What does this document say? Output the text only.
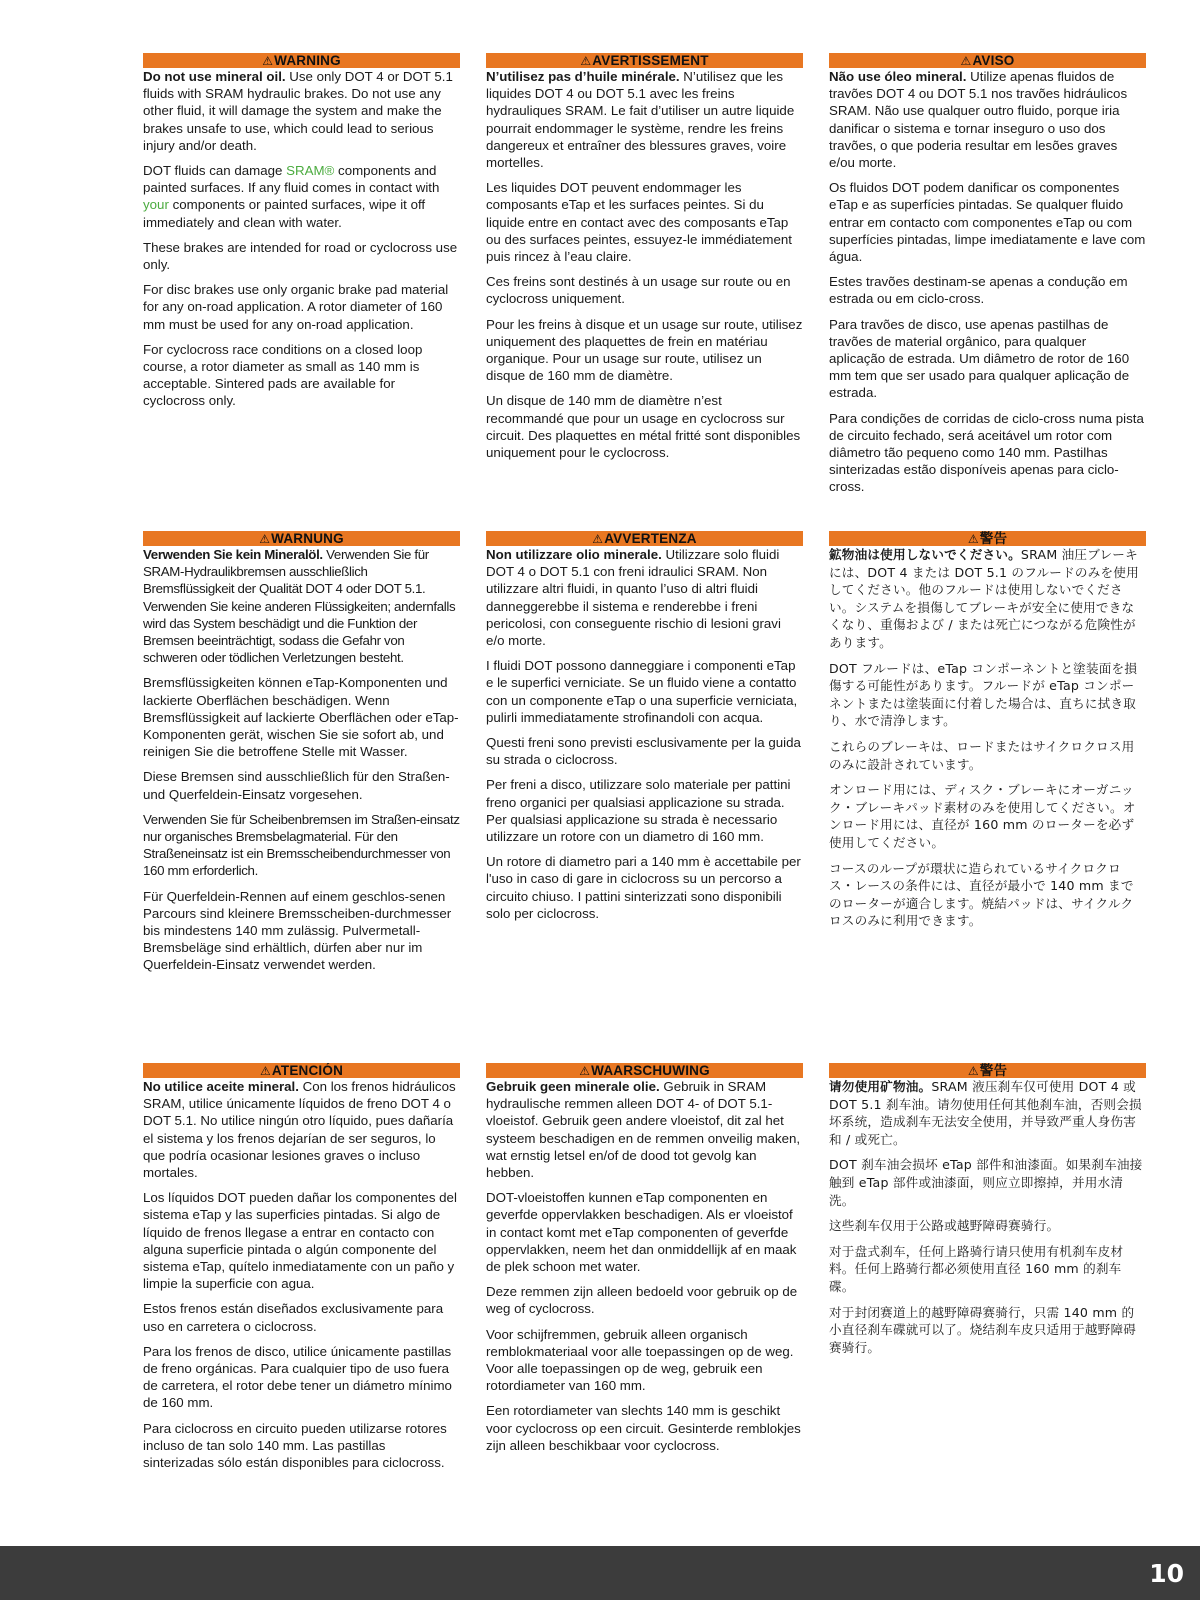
⚠WARNING

Do not use mineral oil. Use only DOT 4 or DOT 5.1 fluids with SRAM hydraulic brakes. Do not use any other fluid, it will damage the system and make the brakes unsafe to use, which could lead to serious injury and/or death.

DOT fluids can damage SRAM® components and painted surfaces. If any fluid comes in contact with your components or painted surfaces, wipe it off immediately and clean with water.

These brakes are intended for road or cyclocross use only.

For disc brakes use only organic brake pad material for any on-road application. A rotor diameter of 160 mm must be used for any on-road application.

For cyclocross race conditions on a closed loop course, a rotor diameter as small as 140 mm is acceptable. Sintered pads are available for cyclocross only.

⚠AVERTISSEMENT

N’utilisez pas d’huile minérale. N’utilisez que les liquides DOT 4 ou DOT 5.1 avec les freins hydrauliques SRAM. Le fait d’utiliser un autre liquide pourrait endommager le système, rendre les freins dangereux et entraîner des blessures graves, voire mortelles.

Les liquides DOT peuvent endommager les composants eTap et les surfaces peintes. Si du liquide entre en contact avec des composants eTap ou des surfaces peintes, essuyez-le immédiatement puis rincez à l’eau claire.

Ces freins sont destinés à un usage sur route ou en cyclocross uniquement.

Pour les freins à disque et un usage sur route, utilisez uniquement des plaquettes de frein en matériau organique. Pour un usage sur route, utilisez un disque de 160 mm de diamètre.

Un disque de 140 mm de diamètre n’est recommandé que pour un usage en cyclocross sur circuit. Des plaquettes en métal fritté sont disponibles uniquement pour le cyclocross.

⚠AVISO

Não use óleo mineral. Utilize apenas fluidos de travões DOT 4 ou DOT 5.1 nos travões hidráulicos SRAM. Não use qualquer outro fluido, porque iria danificar o sistema e tornar inseguro o uso dos travões, o que poderia resultar em lesões graves e/ou morte.

Os fluidos DOT podem danificar os componentes eTap e as superfícies pintadas. Se qualquer fluido entrar em contacto com componentes eTap ou com superfícies pintadas, limpe imediatamente e lave com água.

Estes travões destinam-se apenas a condução em estrada ou em ciclo-cross.

Para travões de disco, use apenas pastilhas de travões de material orgânico, para qualquer aplicação de estrada. Um diâmetro de rotor de 160 mm tem que ser usado para qualquer aplicação de estrada.

Para condições de corridas de ciclo-cross numa pista de circuito fechado, será aceitável um rotor com diâmetro tão pequeno como 140 mm. Pastilhas sinterizadas estão disponíveis apenas para ciclo-cross.

⚠WARNUNG

Verwenden Sie kein Mineralöl. Verwenden Sie für SRAM-Hydraulikbremsen ausschließlich Bremsflüssigkeit der Qualität DOT 4 oder DOT 5.1. Verwenden Sie keine anderen Flüssigkeiten; andernfalls wird das System beschädigt und die Funktion der Bremsen beeinträchtigt, sodass die Gefahr von schweren oder tödlichen Verletzungen besteht.

Bremsflüssigkeiten können eTap-Komponenten und lackierte Oberflächen beschädigen. Wenn Bremsflüssigkeit auf lackierte Oberflächen oder eTap-Komponenten gerät, wischen Sie sie sofort ab, und reinigen Sie die betroffene Stelle mit Wasser.

Diese Bremsen sind ausschließlich für den Straßen- und Querfeldein-Einsatz vorgesehen.

Verwenden Sie für Scheibenbremsen im Straßen-einsatz nur organisches Bremsbelagmaterial. Für den Straßeneinsatz ist ein Bremsscheibendurchmesser von 160 mm erforderlich.

Für Querfeldein-Rennen auf einem geschlos-senen Parcours sind kleinere Bremsscheiben-durchmesser bis mindestens 140 mm zulässig. Pulvermetall-Bremsbeläge sind erhältlich, dürfen aber nur im Querfeldein-Einsatz verwendet werden.

⚠AVVERTENZA

Non utilizzare olio minerale. Utilizzare solo fluidi DOT 4 o DOT 5.1 con freni idraulici SRAM. Non utilizzare altri fluidi, in quanto l’uso di altri fluidi danneggerebbe il sistema e renderebbe i freni pericolosi, con conseguente rischio di lesioni gravi e/o morte.

I fluidi DOT possono danneggiare i componenti eTap e le superfici verniciate. Se un fluido viene a contatto con un componente eTap o una superficie verniciata, pulirli immediatamente strofinandoli con acqua.

Questi freni sono previsti esclusivamente per la guida su strada o ciclocross.

Per freni a disco, utilizzare solo materiale per pattini freno organici per qualsiasi applicazione su strada. Per qualsiasi applicazione su strada è necessario utilizzare un rotore con un diametro di 160 mm.

Un rotore di diametro pari a 140 mm è accettabile per l'uso in caso di gare in ciclocross su un percorso a circuito chiuso. I pattini sinterizzati sono disponibili solo per ciclocross.

⚠警告

鉱物油は使用しないでください。SRAM 油圧ブレーキには、DOT 4 または DOT 5.1 のフルードのみを使用してください。他のフルードは使用しないでください。システムを損傷してブレーキが安全に使用できなくなり、重傷および / または死亡につながる危険性があります。

DOT フルードは、eTap コンポーネントと塗装面を損傷する可能性があります。フルードが eTap コンポーネントまたは塗装面に付着した場合は、直ちに拭き取り、水で清浄します。

これらのブレーキは、ロードまたはサイクロクロス用のみに設計されています。

オンロード用には、ディスク・ブレーキにオーガニック・ブレーキパッド素材のみを使用してください。オンロード用には、直径が 160 mm のローターを必ず使用してください。

コースのループが環状に造られているサイクロクロス・レースの条件には、直径が最小で 140 mm までのローターが適合します。焼結パッドは、サイクルクロスのみに利用できます。

⚠ATENCIÓN

No utilice aceite mineral. Con los frenos hidráulicos SRAM, utilice únicamente líquidos de freno DOT 4 o DOT 5.1. No utilice ningún otro líquido, pues dañaría el sistema y los frenos dejarían de ser seguros, lo que podría ocasionar lesiones graves o incluso mortales.

Los líquidos DOT pueden dañar los componentes del sistema eTap y las superficies pintadas. Si algo de líquido de frenos llegase a entrar en contacto con alguna superficie pintada o algún componente del sistema eTap, quítelo inmediatamente con un paño y limpie la superficie con agua.

Estos frenos están diseñados exclusivamente para uso en carretera o ciclocross.

Para los frenos de disco, utilice únicamente pastillas de freno orgánicas. Para cualquier tipo de uso fuera de carretera, el rotor debe tener un diámetro mínimo de 160 mm.

Para ciclocross en circuito pueden utilizarse rotores incluso de tan solo 140 mm. Las pastillas sinterizadas sólo están disponibles para ciclocross.

⚠WAARSCHUWING

Gebruik geen minerale olie. Gebruik in SRAM hydraulische remmen alleen DOT 4- of DOT 5.1-vloeistof. Gebruik geen andere vloeistof, dit zal het systeem beschadigen en de remmen onveilig maken, wat ernstig letsel en/of de dood tot gevolg kan hebben.

DOT-vloeistoffen kunnen eTap componenten en geverfde oppervlakken beschadigen. Als er vloeistof in contact komt met eTap componenten of geverfde oppervlakken, neem het dan onmiddellijk af en maak de plek schoon met water.

Deze remmen zijn alleen bedoeld voor gebruik op de weg of cyclocross.

Voor schijfremmen, gebruik alleen organisch remblokmateriaal voor alle toepassingen op de weg. Voor alle toepassingen op de weg, gebruik een rotordiameter van 160 mm.

Een rotordiameter van slechts 140 mm is geschikt voor cyclocross op een circuit. Gesinterde remblokjes zijn alleen beschikbaar voor cyclocross.

⚠警告

请勿使用矿物油。SRAM 液压刹车仅可使用 DOT 4 或 DOT 5.1 刹车油。请勿使用任何其他刹车油，否则会损坏系统，造成刹车无法安全使用，并导致严重人身伤害和 / 或死亡。

DOT 刹车油会损坏 eTap 部件和油漆面。如果刹车油接触到 eTap 部件或油漆面，则应立即擦掉，并用水清洗。

这些刹车仅用于公路或越野障碍赛骑行。

对于盘式刹车，任何上路骑行请只使用有机刹车皮材料。任何上路骑行都必须使用直径 160 mm 的刹车碟。

对于封闭赛道上的越野障碍赛骑行，只需 140 mm 的小直径刹车碟就可以了。烧结刹车皮只适用于越野障碍赛骑行。

10
